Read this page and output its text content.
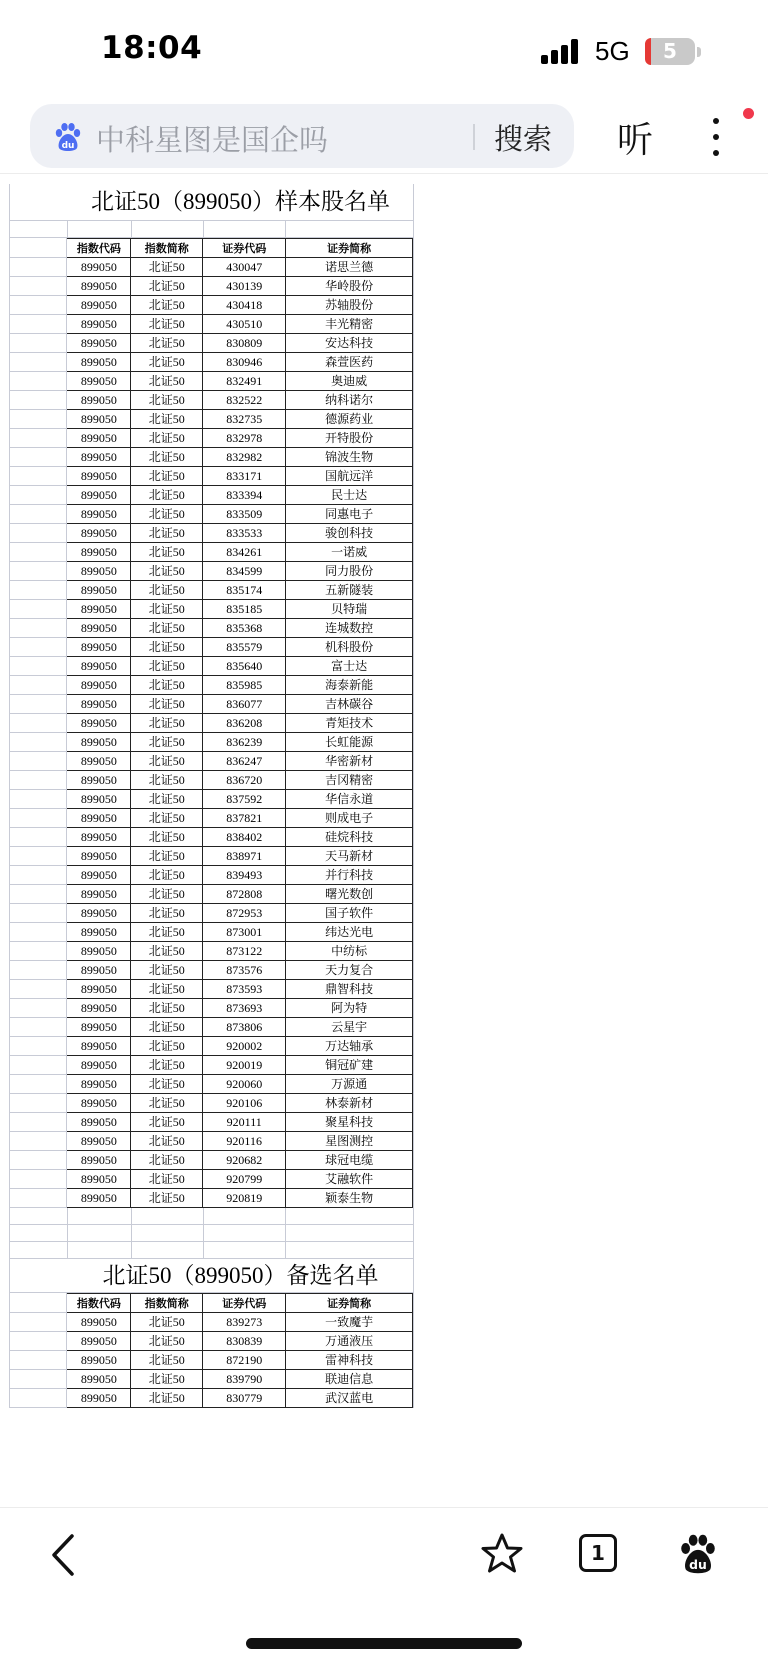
18:04	5G	5
du 中科星图是国企吗	搜索 听
北证50（899050）样本股名单
	指数代码	指数简称	证券代码	证券简称
	899050	北证50	430047	诺思兰德
	899050	北证50	430139	华岭股份
	899050	北证50	430418	苏轴股份
	899050	北证50	430510	丰光精密
	899050	北证50	830809	安达科技
	899050	北证50	830946	森萱医药
	899050	北证50	832491	奥迪威
	899050	北证50	832522	纳科诺尔
	899050	北证50	832735	德源药业
	899050	北证50	832978	开特股份
	899050	北证50	832982	锦波生物
	899050	北证50	833171	国航远洋
	899050	北证50	833394	民士达
	899050	北证50	833509	同惠电子
	899050	北证50	833533	骏创科技
	899050	北证50	834261	一诺威
	899050	北证50	834599	同力股份
	899050	北证50	835174	五新隧装
	899050	北证50	835185	贝特瑞
	899050	北证50	835368	连城数控
	899050	北证50	835579	机科股份
	899050	北证50	835640	富士达
	899050	北证50	835985	海泰新能
	899050	北证50	836077	吉林碳谷
	899050	北证50	836208	青矩技术
	899050	北证50	836239	长虹能源
	899050	北证50	836247	华密新材
	899050	北证50	836720	吉冈精密
	899050	北证50	837592	华信永道
	899050	北证50	837821	则成电子
	899050	北证50	838402	硅烷科技
	899050	北证50	838971	天马新材
	899050	北证50	839493	并行科技
	899050	北证50	872808	曙光数创
	899050	北证50	872953	国子软件
	899050	北证50	873001	纬达光电
	899050	北证50	873122	中纺标
	899050	北证50	873576	天力复合
	899050	北证50	873593	鼎智科技
	899050	北证50	873693	阿为特
	899050	北证50	873806	云星宇
	899050	北证50	920002	万达轴承
	899050	北证50	920019	铜冠矿建
	899050	北证50	920060	万源通
	899050	北证50	920106	林泰新材
	899050	北证50	920111	聚星科技
	899050	北证50	920116	星图测控
	899050	北证50	920682	球冠电缆
	899050	北证50	920799	艾融软件
	899050	北证50	920819	颖泰生物
北证50（899050）备选名单
	指数代码	指数简称	证券代码	证券简称
	899050	北证50	839273	一致魔芋
	899050	北证50	830839	万通液压
	899050	北证50	872190	雷神科技
	899050	北证50	839790	联迪信息
	899050	北证50	830779	武汉蓝电
1
du
